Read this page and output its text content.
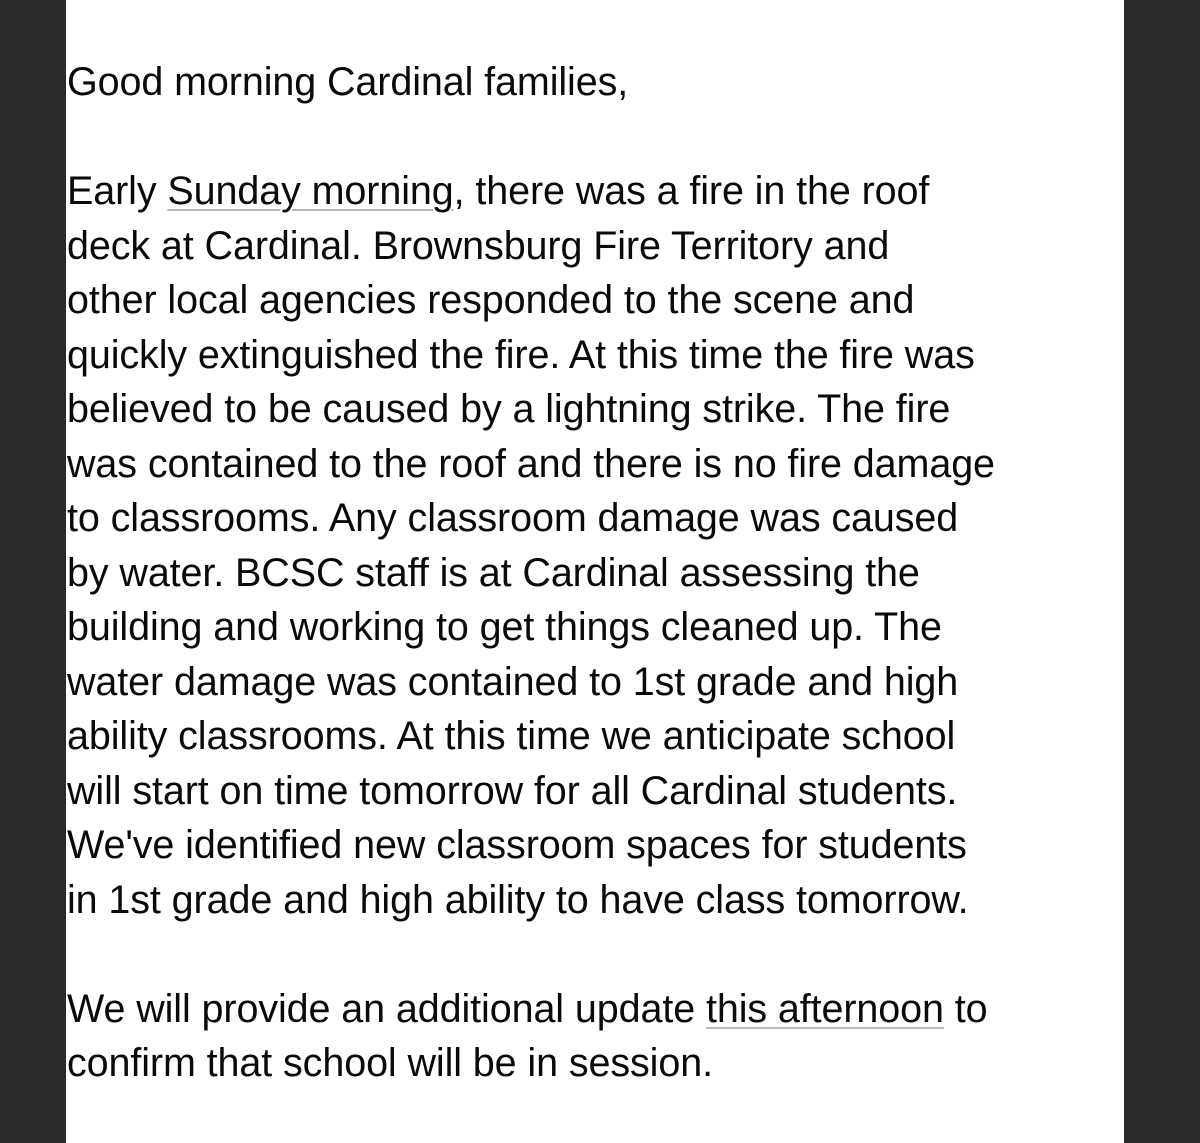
Good morning Cardinal families,
Early Sunday morning, there was a fire in the roof
deck at Cardinal. Brownsburg Fire Territory and
other local agencies responded to the scene and
quickly extinguished the fire. At this time the fire was
believed to be caused by a lightning strike. The fire
was contained to the roof and there is no fire damage
to classrooms. Any classroom damage was caused
by water. BCSC staff is at Cardinal assessing the
building and working to get things cleaned up. The
water damage was contained to 1st grade and high
ability classrooms. At this time we anticipate school
will start on time tomorrow for all Cardinal students.
We've identified new classroom spaces for students
in 1st grade and high ability to have class tomorrow.
We will provide an additional update this afternoon to
confirm that school will be in session.
